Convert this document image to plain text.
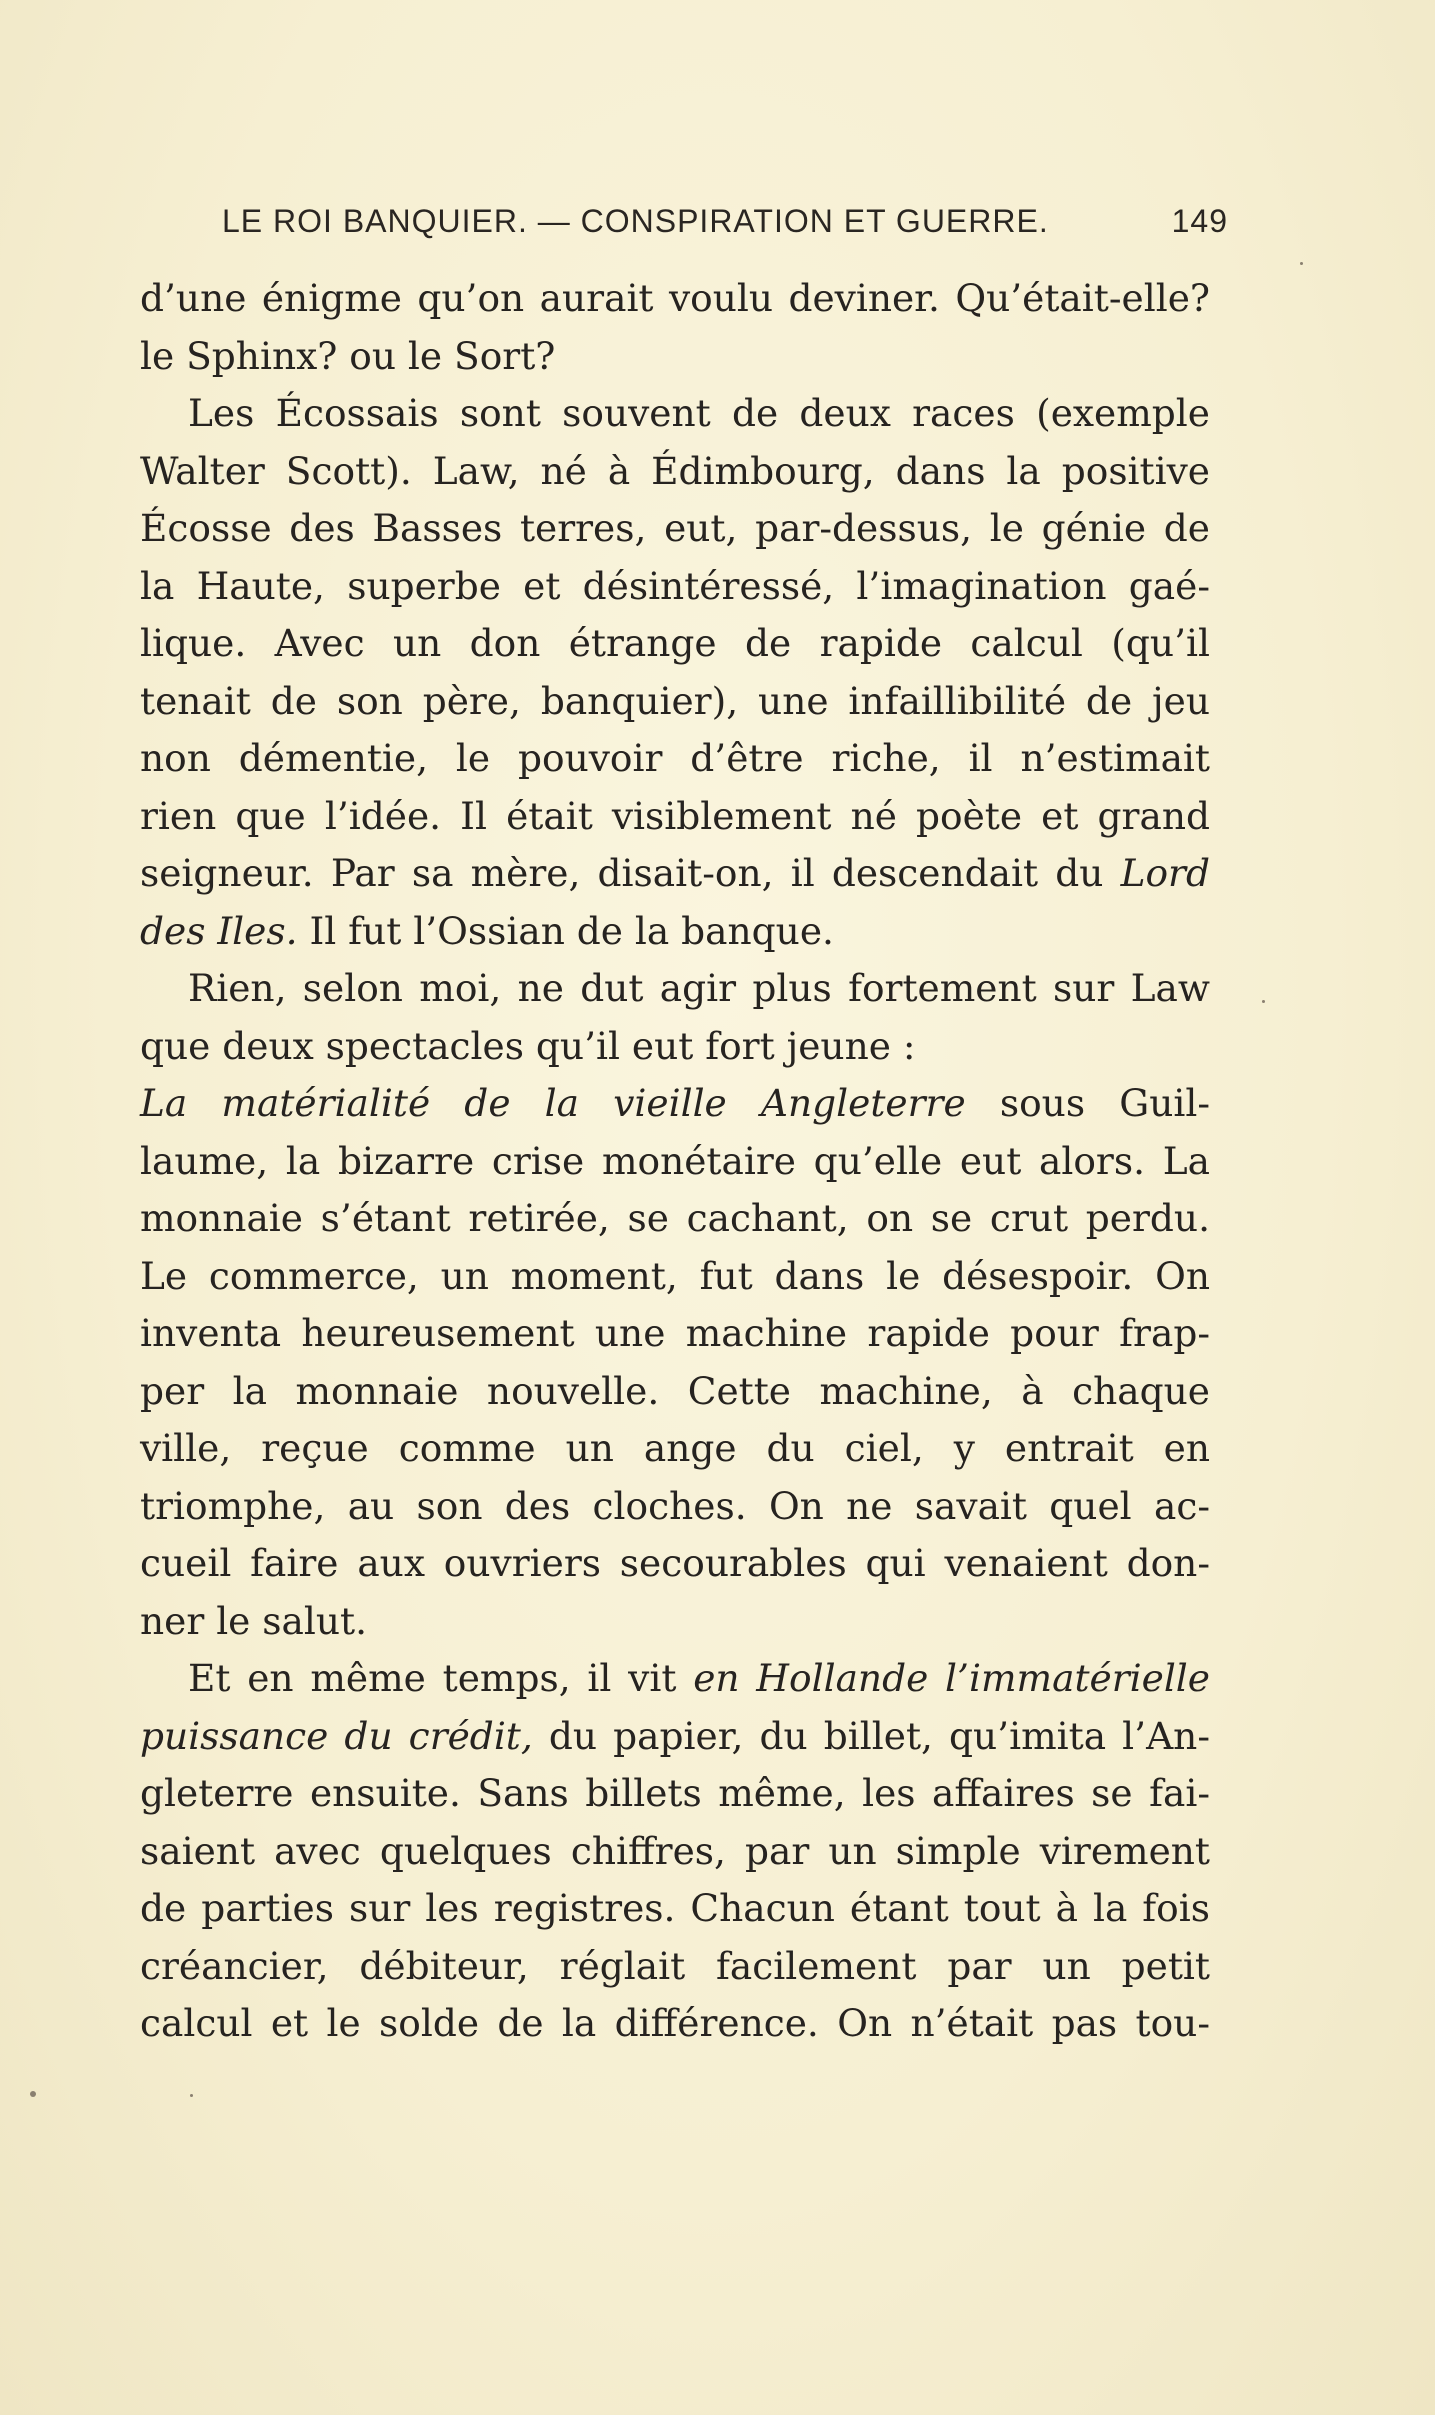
LE ROI BANQUIER. — CONSPIRATION ET GUERRE.	149
d’une énigme qu’on aurait voulu deviner. Qu’était-elle?
le Sphinx? ou le Sort?
Les Écossais sont souvent de deux races (exemple
Walter Scott). Law, né à Édimbourg, dans la positive
Écosse des Basses terres, eut, par-dessus, le génie de
la Haute, superbe et désintéressé, l’imagination gaé-
lique. Avec un don étrange de rapide calcul (qu’il
tenait de son père, banquier), une infaillibilité de jeu
non démentie, le pouvoir d’être riche, il n’estimait
rien que l’idée. Il était visiblement né poète et grand
seigneur. Par sa mère, disait-on, il descendait du Lord
des Iles. Il fut l’Ossian de la banque.
Rien, selon moi, ne dut agir plus fortement sur Law
que deux spectacles qu’il eut fort jeune :
La matérialité de la vieille Angleterre sous Guil-
laume, la bizarre crise monétaire qu’elle eut alors. La
monnaie s’étant retirée, se cachant, on se crut perdu.
Le commerce, un moment, fut dans le désespoir. On
inventa heureusement une machine rapide pour frap-
per la monnaie nouvelle. Cette machine, à chaque
ville, reçue comme un ange du ciel, y entrait en
triomphe, au son des cloches. On ne savait quel ac-
cueil faire aux ouvriers secourables qui venaient don-
ner le salut.
Et en même temps, il vit en Hollande l’immatérielle
puissance du crédit, du papier, du billet, qu’imita l’An-
gleterre ensuite. Sans billets même, les affaires se fai-
saient avec quelques chiffres, par un simple virement
de parties sur les registres. Chacun étant tout à la fois
créancier, débiteur, réglait facilement par un petit
calcul et le solde de la différence. On n’était pas tou-
